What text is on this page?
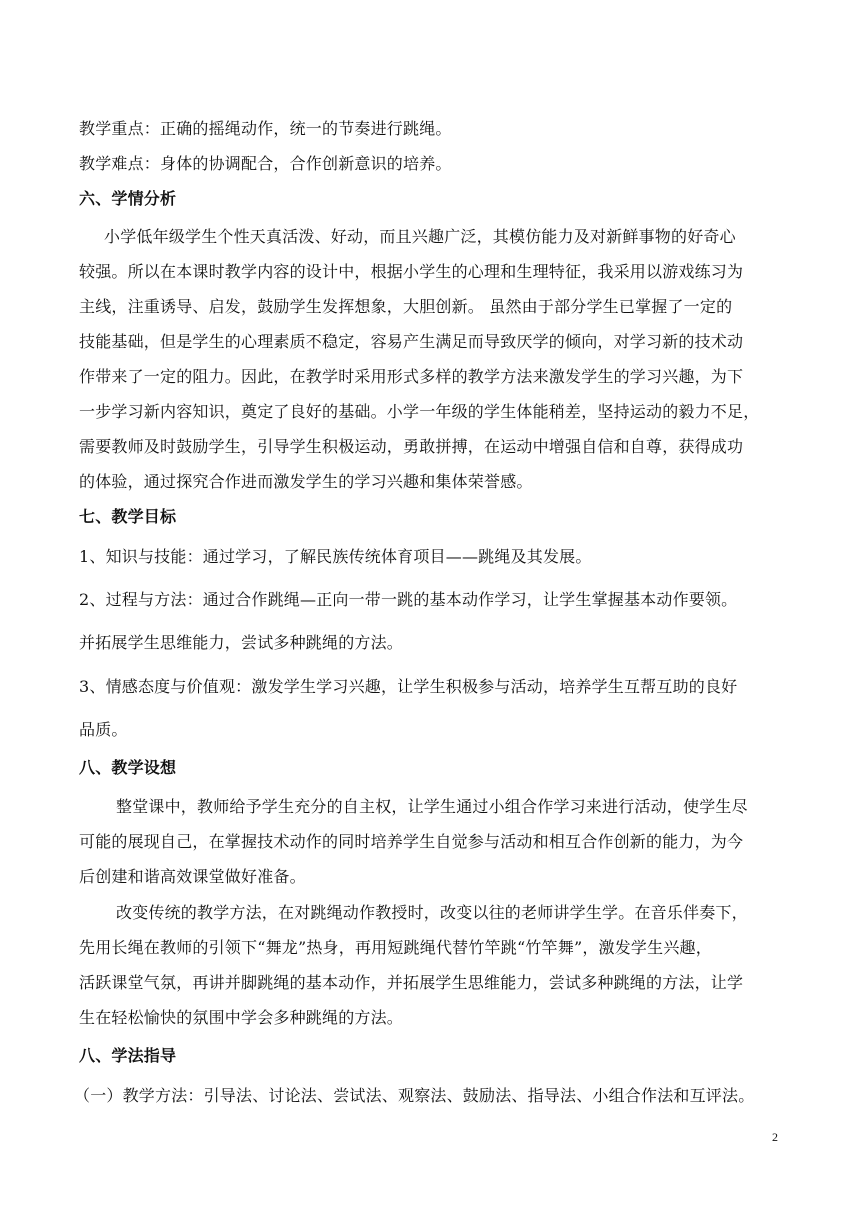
教学重点：正确的摇绳动作，统一的节奏进行跳绳。
教学难点：身体的协调配合，合作创新意识的培养。
六、学情分析
小学低年级学生个性天真活泼、好动，而且兴趣广泛，其模仿能力及对新鲜事物的好奇心
较强。所以在本课时教学内容的设计中，根据小学生的心理和生理特征，我采用以游戏练习为
主线，注重诱导、启发，鼓励学生发挥想象，大胆创新。 虽然由于部分学生已掌握了一定的
技能基础，但是学生的心理素质不稳定，容易产生满足而导致厌学的倾向，对学习新的技术动
作带来了一定的阻力。因此，在教学时采用形式多样的教学方法来激发学生的学习兴趣，为下
一步学习新内容知识，奠定了良好的基础。小学一年级的学生体能稍差，坚持运动的毅力不足，
需要教师及时鼓励学生，引导学生积极运动，勇敢拼搏，在运动中增强自信和自尊，获得成功
的体验，通过探究合作进而激发学生的学习兴趣和集体荣誉感。
七、教学目标
1、知识与技能：通过学习，了解民族传统体育项目——跳绳及其发展。
2、过程与方法：通过合作跳绳—正向一带一跳的基本动作学习，让学生掌握基本动作要领。
并拓展学生思维能力，尝试多种跳绳的方法。
3、情感态度与价值观：激发学生学习兴趣，让学生积极参与活动，培养学生互帮互助的良好
品质。
八、教学设想
整堂课中，教师给予学生充分的自主权，让学生通过小组合作学习来进行活动，使学生尽
可能的展现自己，在掌握技术动作的同时培养学生自觉参与活动和相互合作创新的能力，为今
后创建和谐高效课堂做好准备。
改变传统的教学方法，在对跳绳动作教授时，改变以往的老师讲学生学。在音乐伴奏下，
先用长绳在教师的引领下“舞龙”热身，再用短跳绳代替竹竿跳“竹竿舞”，激发学生兴趣，
活跃课堂气氛，再讲并脚跳绳的基本动作，并拓展学生思维能力，尝试多种跳绳的方法，让学
生在轻松愉快的氛围中学会多种跳绳的方法。
八、学法指导
（一）教学方法：引导法、讨论法、尝试法、观察法、鼓励法、指导法、小组合作法和互评法。
2
